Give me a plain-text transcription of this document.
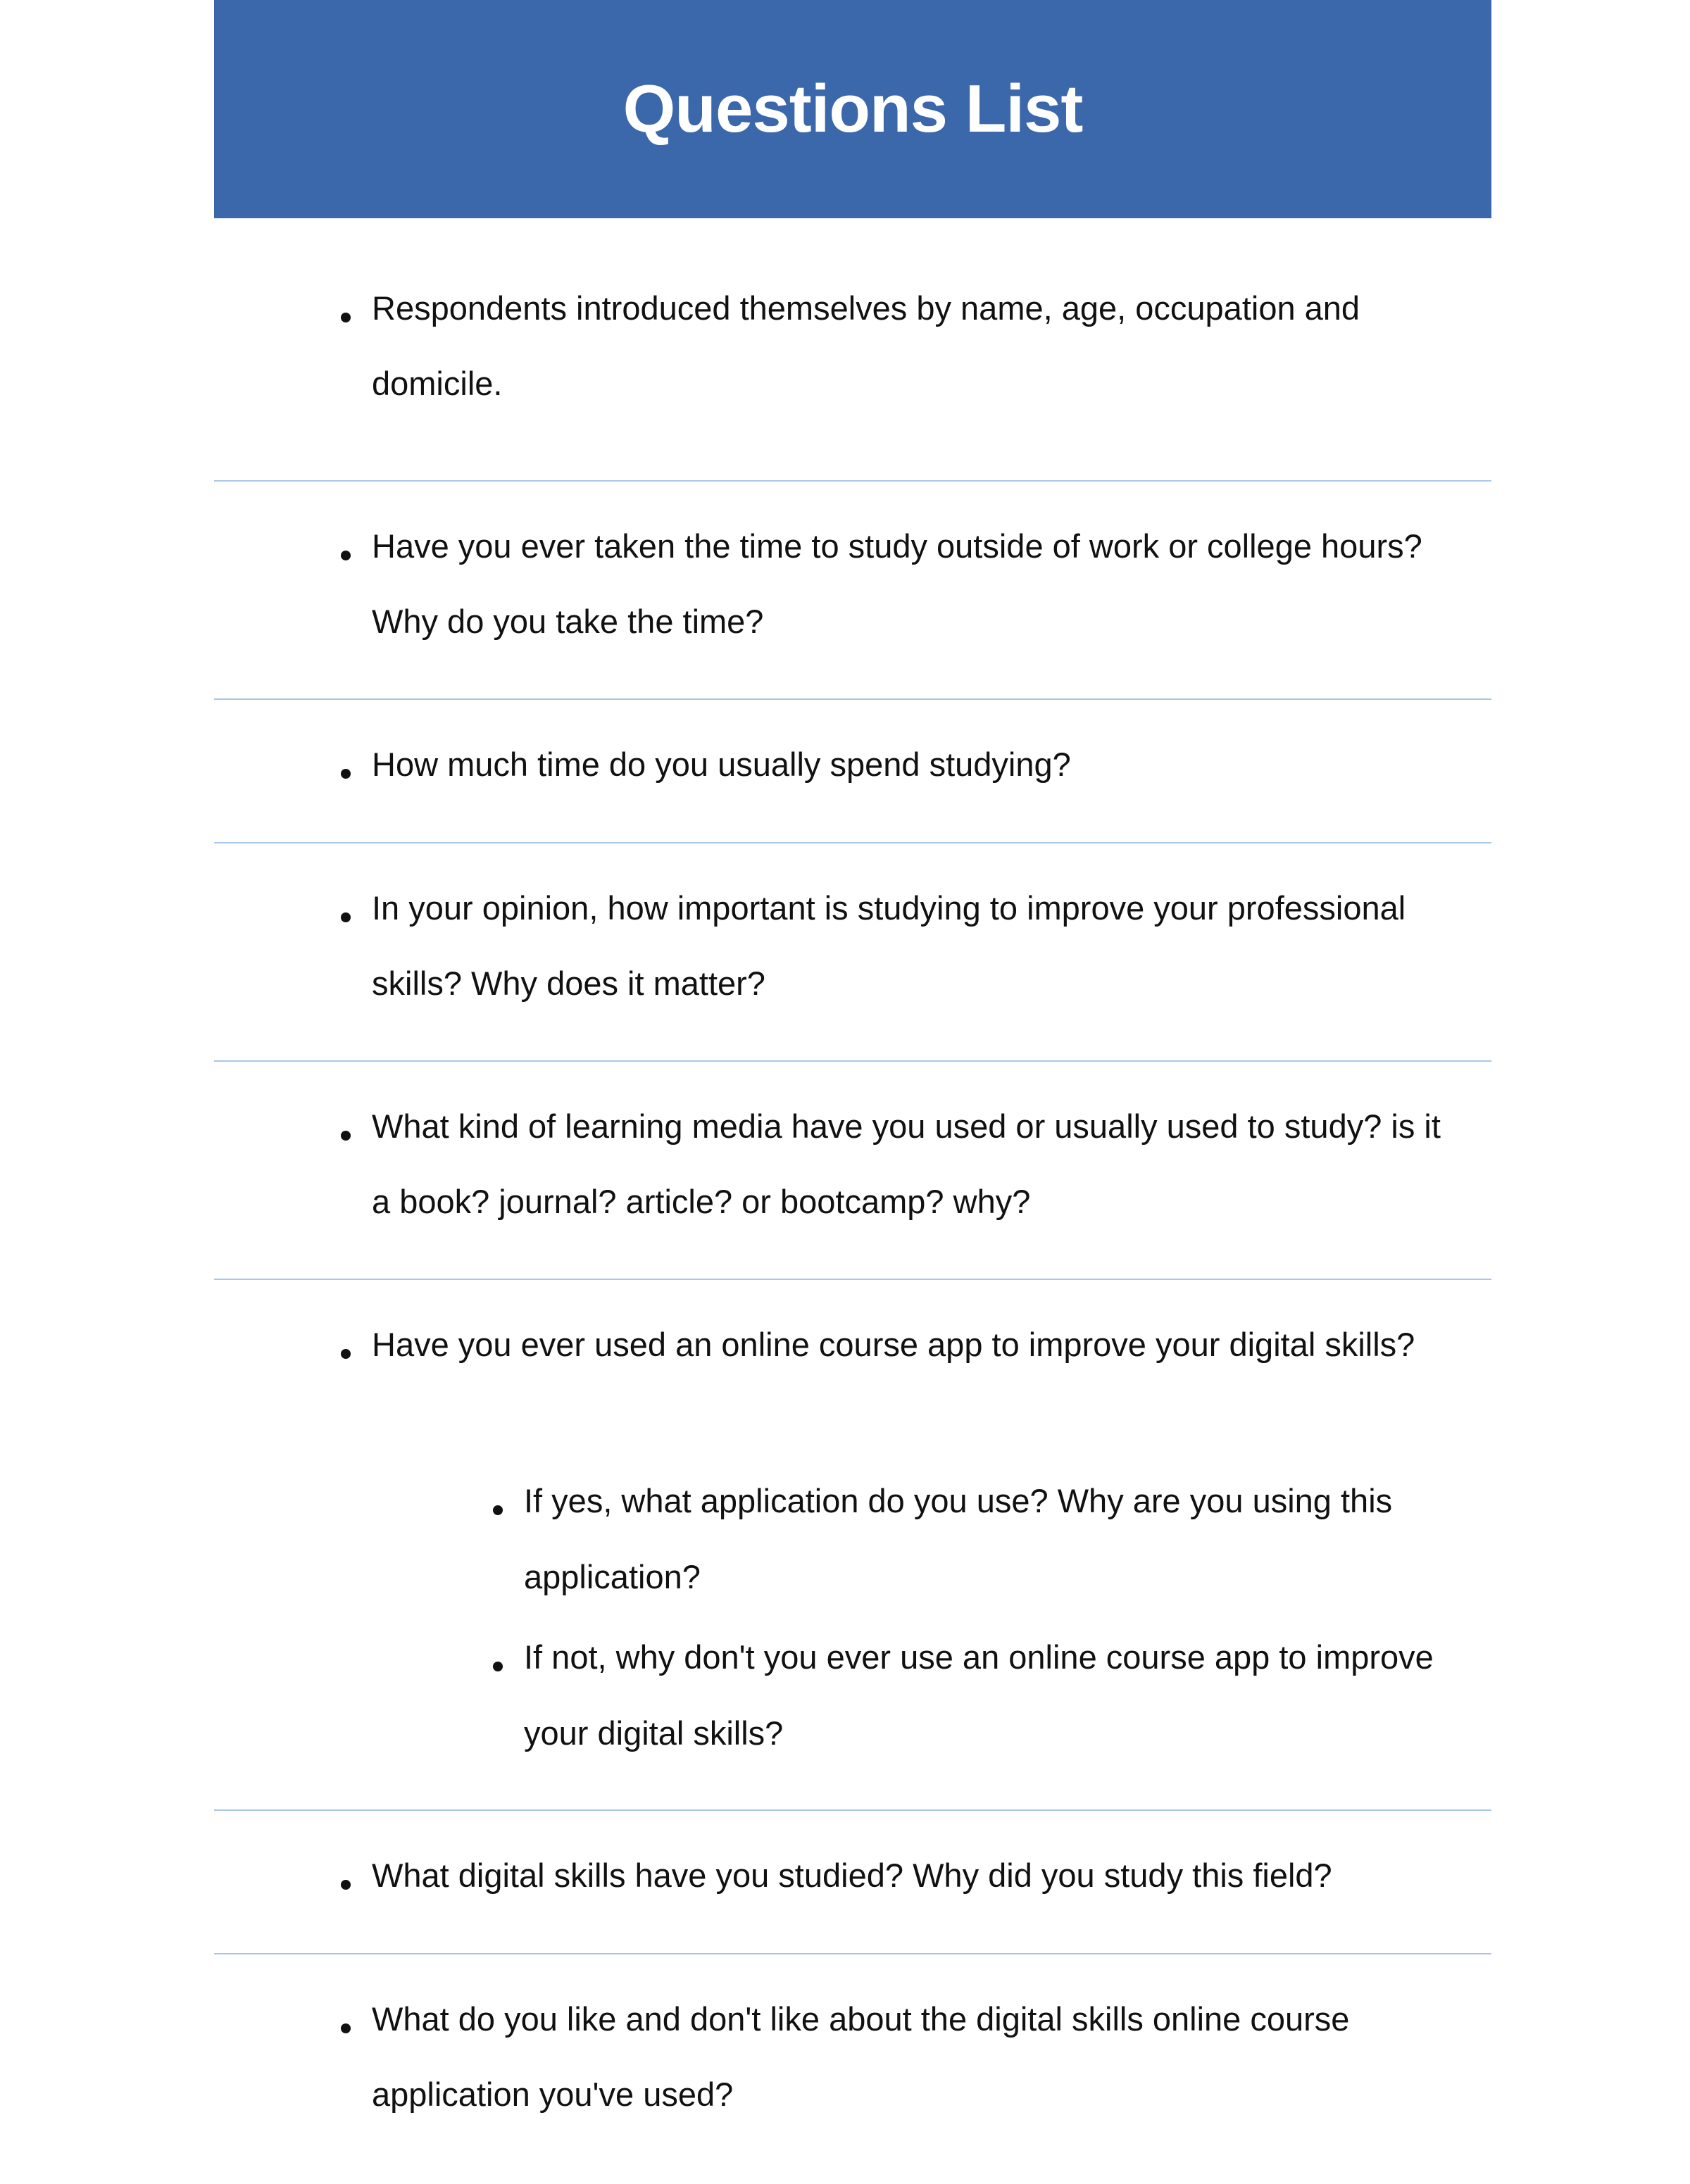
Questions List

Respondents introduced themselves by name, age, occupation and domicile.

Have you ever taken the time to study outside of work or college hours? Why do you take the time?

How much time do you usually spend studying?

In your opinion, how important is studying to improve your professional skills? Why does it matter?

What kind of learning media have you used or usually used to study? is it a book? journal? article? or bootcamp? why?

Have you ever used an online course app to improve your digital skills?

If yes, what application do you use? Why are you using this application?

If not, why don't you ever use an online course app to improve your digital skills?

What digital skills have you studied? Why did you study this field?

What do you like and don't like about the digital skills online course application you've used?
